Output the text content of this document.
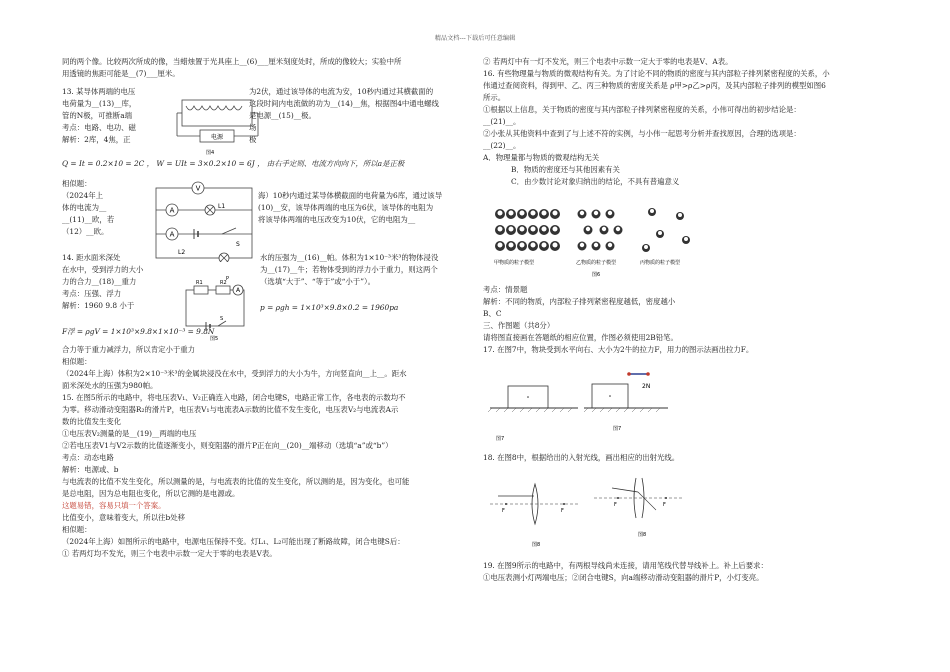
精品文档---下载后可任意编辑
同的两个像。比较两次所成的像，当蜡烛置于光具座上__(6)___厘米刻度处时，所成的像较大；实验中所
用透镜的焦距可能是__(7)___厘米。
13. 某导体两端的电压
电荷量为__(13)__库，
管的N极，可推断a端
考点：电路、电功、磁
解析：2库，4焦，正
为2伏，通过该导体的电流为安，10秒内通过其横截面的
这段时间内电流做的功为__(14)__焦，根据图4中通电螺线
是电源__(15)__极。
场
极
Q = It = 0.2×10 = 2C ， W = UIt = 3×0.2×10 = 6J ， 由右手定则、电流方向向下，所以a是正极
相似题：
（2024年上
体的电流为__
__(11)__欧，若
（12）__欧。
海）10秒内通过某导体横截面的电荷量为6库，通过该导
(10)__安，该导体两端的电压为6伏，该导体的电阻为
将该导体两端的电压改变为10伏，它的电阻为__
14. 距水面米深处
在水中，受到浮力的大小
力的合力__(18)__重力
考点：压强、浮力
解析：1960 9.8 小于
水的压强为__(16)__帕。体积为1×10⁻³米³的物体浸没
为__(17)__牛；若物体受到的浮力小于重力，则这两个
（选填“大于”、“等于”或“小于”）。
p = ρgh = 1×10³×9.8×0.2 = 1960pa
F浮 = ρgV = 1×10³×9.8×1×10⁻³ = 9.8N
合力等于重力减浮力，所以肯定小于重力
相似题：
（2024年上海）体积为2×10⁻³米³的金属块浸没在水中，受到浮力的大小为牛，方向竖直向__上__。距水
面米深处水的压强为980帕。
15. 在图5所示的电路中，将电压表V₁、V₂正确连入电路，闭合电键S，电路正常工作，各电表的示数均不
为零。移动滑动变阻器R₂的滑片P，电压表V₁与电流表A示数的比值不发生变化，电压表V₂与电流表A示
数的比值发生变化
①电压表V₂测量的是__(19)__两端的电压
②若电压表V1与V2示数的比值逐渐变小，则变阻器的滑片P正在向__(20)__端移动（选填“a”或“b”）
考点：动态电路
解析：电源或、b
与电流表的比值不发生变化，所以测量的是，与电流表的比值的发生变化，所以测的是，因为变化，也可能
是总电阻，因为总电阻也变化，所以它测的是电源或。
这题易错，容易只填一个答案。
比值变小，意味着变大，所以往b处移
相似题：
（2024年上海）如图所示的电路中，电源电压保持不变。灯L₁、L₂可能出现了断路故障，闭合电键S后：
① 若两灯均不发光，则三个电表中示数一定大于零的电表是V表。
电源
图4
V
A	L1
A
L2
S
R1	R2
P
A
S
图5
② 若两灯中有一灯不发光，则三个电表中示数一定大于零的电表是V、A表。
16. 有些物理量与物质的微观结构有关。为了讨论不同的物质的密度与其内部粒子排列紧密程度的关系，小
伟通过查阅资料，得到甲、乙、丙三种物质的密度关系是 ρ甲>ρ乙>ρ丙，及其内部粒子排列的模型如图6
所示。
①根据以上信息，关于物质的密度与其内部粒子排列紧密程度的关系，小伟可得出的初步结论是：
__(21)__。
②小张从其他资料中查到了与上述不符的实例，与小伟一起思考分析并查找原因，合理的选项是：
__(22)__。
A．物理量都与物质的微观结构无关
B．物质的密度还与其他因素有关
C．由少数讨论对象归纳出的结论，不具有普遍意义
甲物质的粒子模型	乙物质的粒子模型	丙物质的粒子模型
图6
考点：情景题
解析：不同的物质，内部粒子排列紧密程度越低，密度越小
B、C
三、作图题（共8分）
请将图直接画在答题纸的相应位置，作图必须使用2B铅笔。
17. 在图7中，物块受到水平向右、大小为2牛的拉力F，用力的图示法画出拉力F。
2N
图7
图7
18. 在图8中，根据给出的入射光线，画出相应的出射光线。
F	F
F	F
图8
图8
19. 在图9所示的电路中，有两根导线尚未连接，请用笔线代替导线补上。补上后要求：
①电压表测小灯两端电压；②闭合电键S，向a端移动滑动变阻器的滑片P，小灯变亮。
